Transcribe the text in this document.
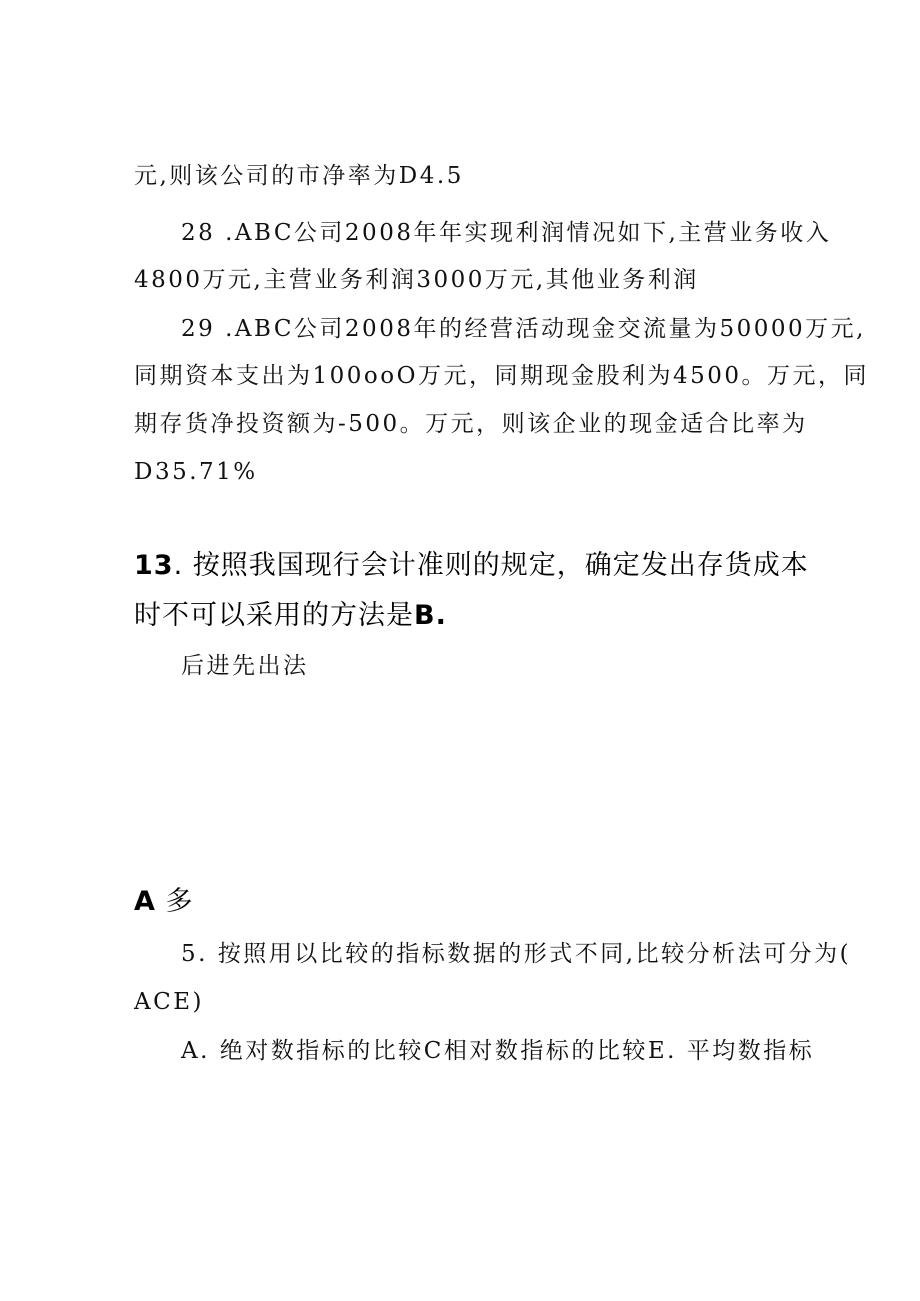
元,则该公司的市净率为D4.5
28 .ABC公司2008年年实现利润情况如下,主营业务收入
4800万元,主营业务利润3000万元,其他业务利润
29 .ABC公司2008年的经营活动现金交流量为50000万元,
同期资本支出为100ooO万元，同期现金股利为4500。万元，同
期存货净投资额为-500。万元，则该企业的现金适合比率为
D35.71%
13. 按照我国现行会计准则的规定，确定发出存货成本
时不可以采用的方法是B.
后进先出法
A 多
5. 按照用以比较的指标数据的形式不同,比较分析法可分为(
ACE)
A. 绝对数指标的比较C相对数指标的比较E. 平均数指标
